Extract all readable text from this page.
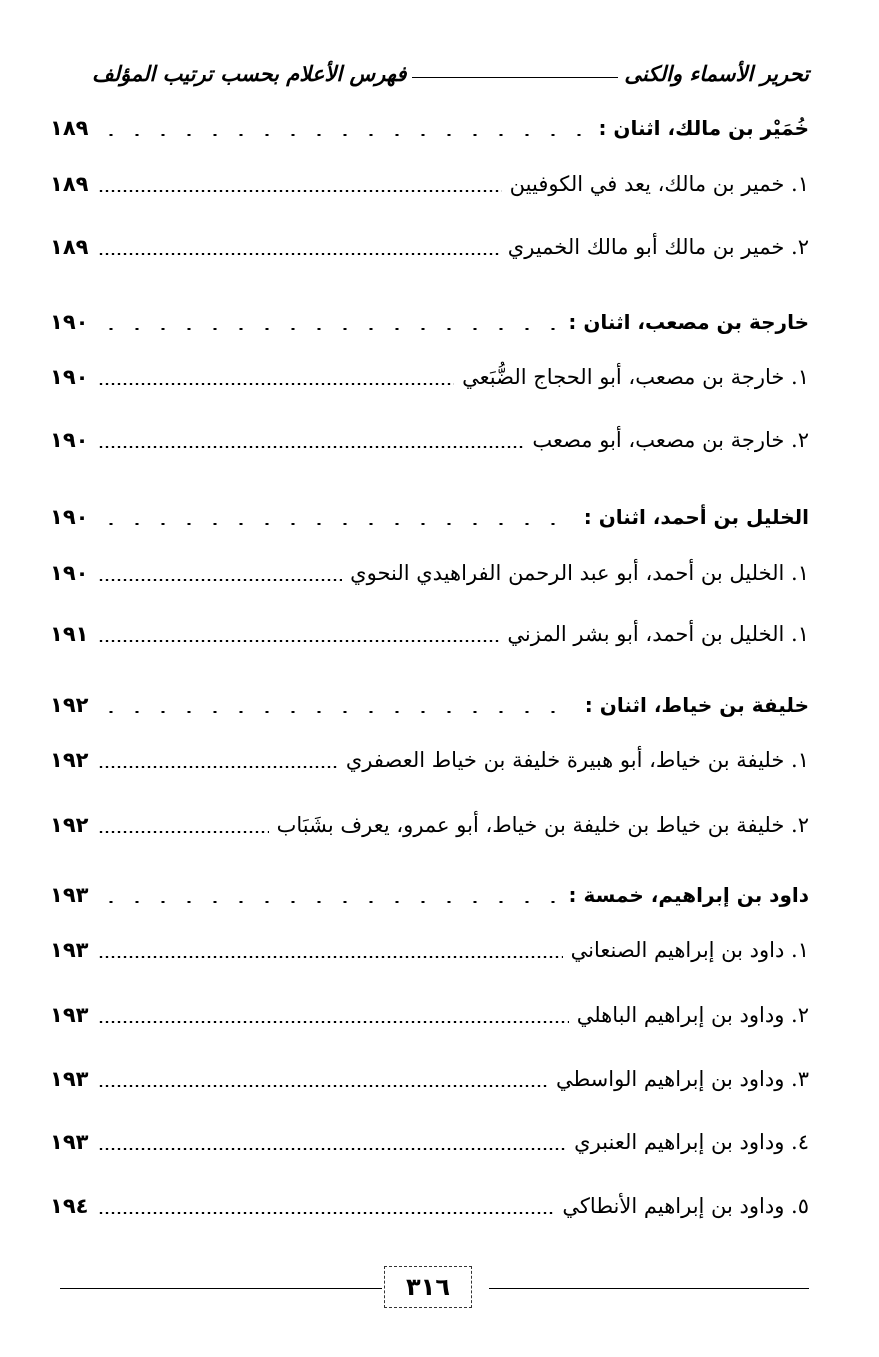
تحرير الأسماء والكنى
فهرس الأعلام بحسب ترتيب المؤلف
خُمَيْر بن مالك، اثنان :
١٨٩
١. خمير بن مالك، يعد في الكوفيين
١٨٩
٢. خمير بن مالك أبو مالك الخميري
١٨٩
خارجة بن مصعب، اثنان :
١٩٠
١. خارجة بن مصعب، أبو الحجاج الضُّبَعي
١٩٠
٢. خارجة بن مصعب، أبو مصعب
١٩٠
الخليل بن أحمد، اثنان :
١٩٠
١. الخليل بن أحمد، أبو عبد الرحمن الفراهيدي النحوي
١٩٠
١. الخليل بن أحمد، أبو بشر المزني
١٩١
خليفة بن خياط، اثنان :
١٩٢
١. خليفة بن خياط، أبو هبيرة خليفة بن خياط العصفري
١٩٢
٢. خليفة بن خياط بن خليفة بن خياط، أبو عمرو، يعرف بشَبَاب
١٩٢
داود بن إبراهيم، خمسة :
١٩٣
١. داود بن إبراهيم الصنعاني
١٩٣
٢. وداود بن إبراهيم الباهلي
١٩٣
٣. وداود بن إبراهيم الواسطي
١٩٣
٤. وداود بن إبراهيم العنبري
١٩٣
٥. وداود بن إبراهيم الأنطاكي
١٩٤
٣١٦
